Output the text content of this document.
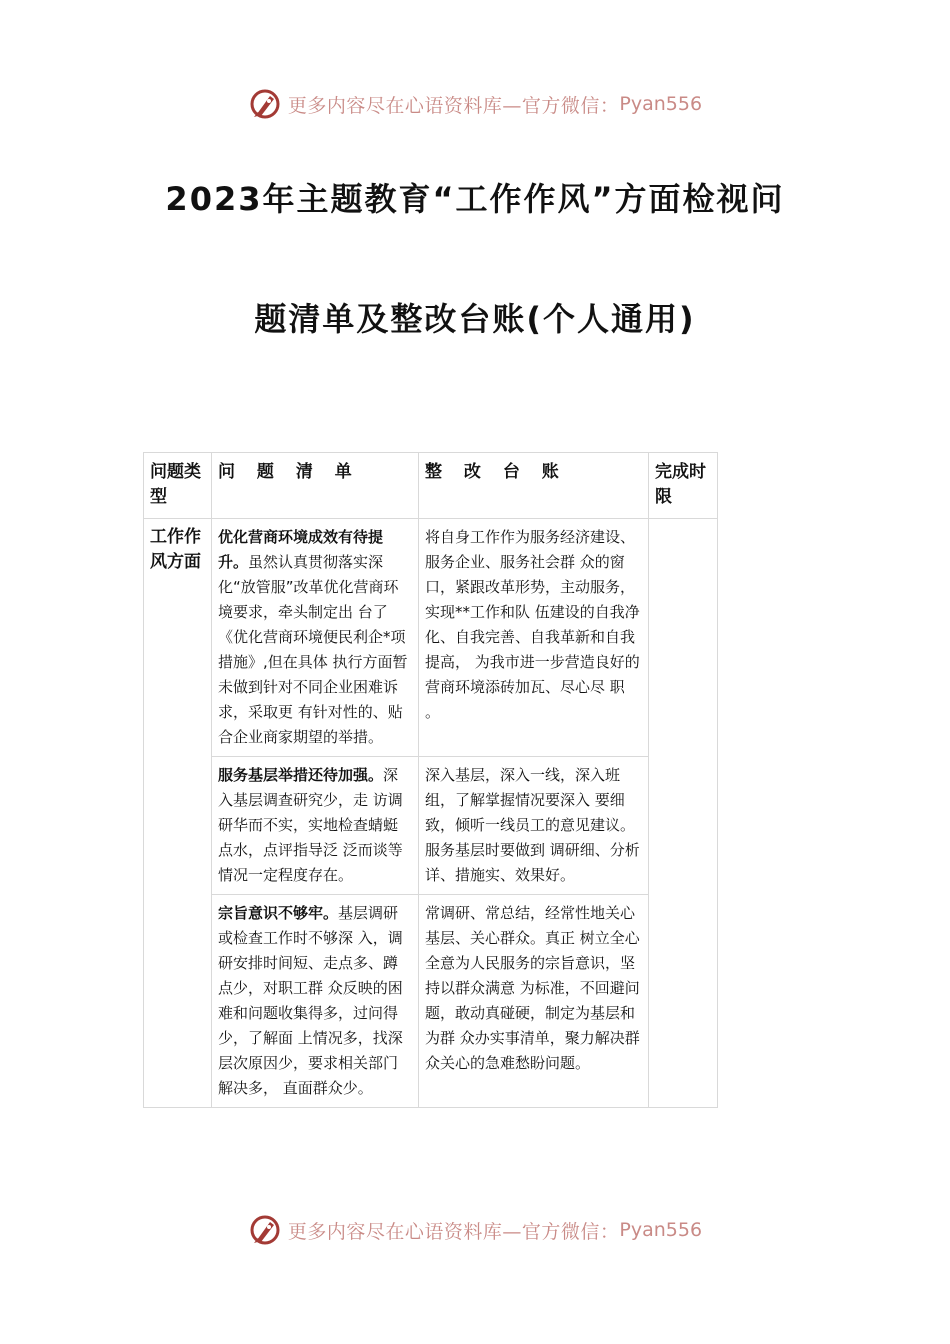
更多内容尽在心语资料库—官方微信： Pyan556
2023年主题教育“工作作风”方面检视问
题清单及整改台账(个人通用)
问题类型	问 题 清 单	整 改 台 账	完成时限
工作作风方面	优化营商环境成效有待提升。虽然认真贯彻落实深化“放管服”改革优化营商环境要求，牵头制定出 台了《优化营商环境便民利企*项措施》,但在具体 执行方面暂未做到针对不同企业困难诉求，采取更 有针对性的、贴合企业商家期望的举措。	将自身工作作为服务经济建设、服务企业、服务社会群 众的窗口，紧跟改革形势，主动服务，实现**工作和队 伍建设的自我净化、自我完善、自我革新和自我提高， 为我市进一步营造良好的营商环境添砖加瓦、尽心尽 职 。	
	服务基层举措还待加强。深入基层调查研究少，走 访调研华而不实，实地检查蜻蜓点水，点评指导泛 泛而谈等情况一定程度存在。	深入基层，深入一线，深入班组，了解掌握情况要深入 要细致，倾听一线员工的意见建议。服务基层时要做到 调研细、分析详、措施实、效果好。	
	宗旨意识不够牢。基层调研或检查工作时不够深 入，调研安排时间短、走点多、蹲点少，对职工群 众反映的困难和问题收集得多，过问得少，了解面 上情况多，找深层次原因少，要求相关部门解决多， 直面群众少。	常调研、常总结，经常性地关心基层、关心群众。真正 树立全心全意为人民服务的宗旨意识，坚持以群众满意 为标准，不回避问题，敢动真碰硬，制定为基层和为群 众办实事清单，聚力解决群众关心的急难愁盼问题。	
更多内容尽在心语资料库—官方微信： Pyan556
